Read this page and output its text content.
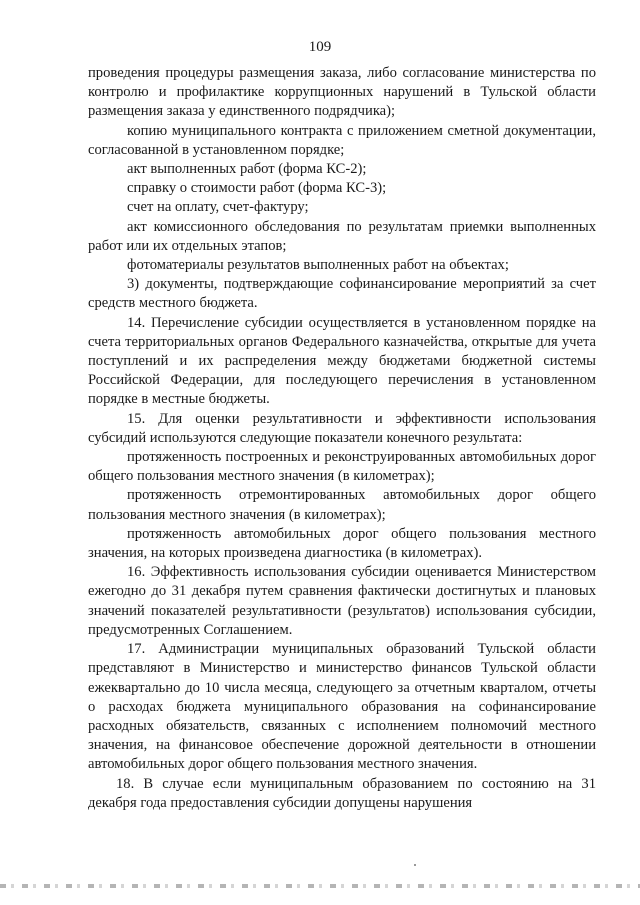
109

проведения процедуры размещения заказа, либо согласование министерства по контролю и профилактике коррупционных нарушений в Тульской области размещения заказа у единственного подрядчика);

копию муниципального контракта с приложением сметной документации, согласованной в установленном порядке;

акт выполненных работ (форма КС-2);

справку о стоимости работ (форма КС-3);

счет на оплату, счет-фактуру;

акт комиссионного обследования по результатам приемки выполненных работ или их отдельных этапов;

фотоматериалы результатов выполненных работ на объектах;

3) документы, подтверждающие софинансирование мероприятий за счет средств местного бюджета.

14. Перечисление субсидии осуществляется в установленном порядке на счета территориальных органов Федерального казначейства, открытые для учета поступлений и их распределения между бюджетами бюджетной системы Российской Федерации, для последующего перечисления в установленном порядке в местные бюджеты.

15. Для оценки результативности и эффективности использования субсидий используются следующие показатели конечного результата:

протяженность построенных и реконструированных автомобильных дорог общего пользования местного значения (в километрах);

протяженность отремонтированных автомобильных дорог общего пользования местного значения (в километрах);

протяженность автомобильных дорог общего пользования местного значения, на которых произведена диагностика (в километрах).

16. Эффективность использования субсидии оценивается Министерством ежегодно до 31 декабря путем сравнения фактически достигнутых и плановых значений показателей результативности (результатов) использования субсидии, предусмотренных Соглашением.

17. Администрации муниципальных образований Тульской области представляют в Министерство и министерство финансов Тульской области ежеквартально до 10 числа месяца, следующего за отчетным кварталом, отчеты о расходах бюджета муниципального образования на софинансирование расходных обязательств, связанных с исполнением полномочий местного значения, на финансовое обеспечение дорожной деятельности в отношении автомобильных дорог общего пользования местного значения.

18. В случае если муниципальным образованием по состоянию на 31 декабря года предоставления субсидии допущены нарушения
